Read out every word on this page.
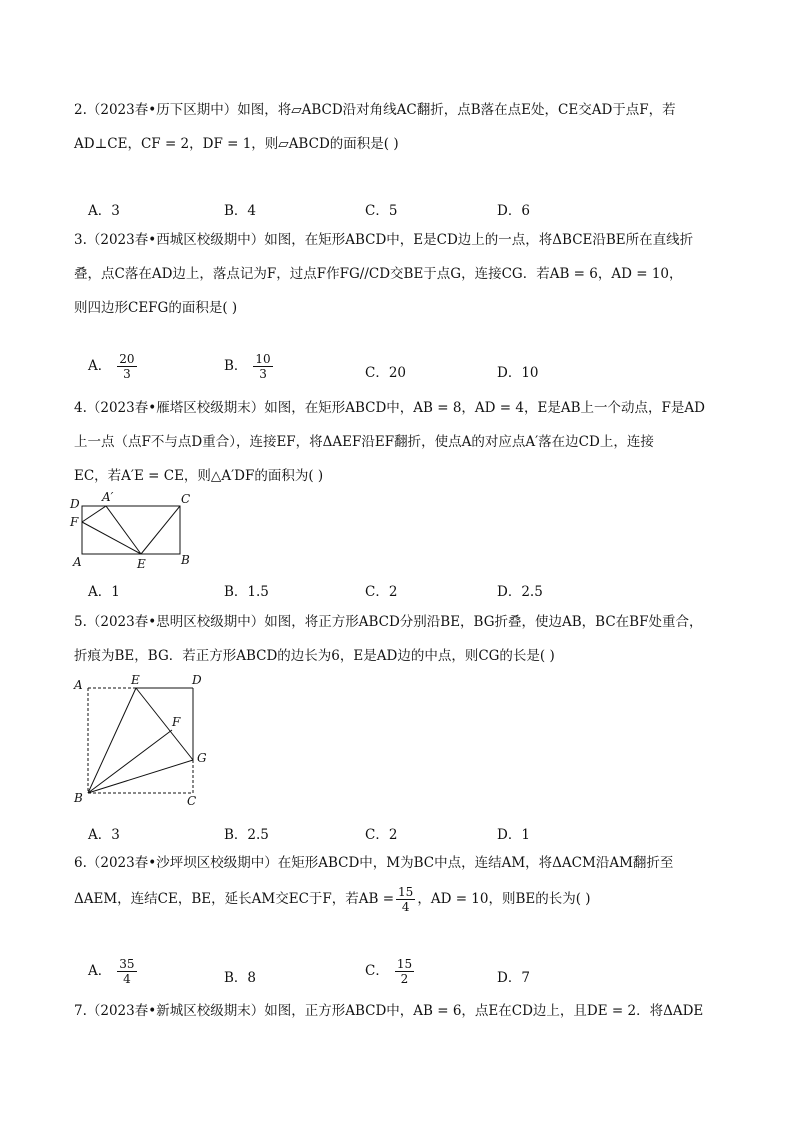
2.（2023春•历下区期中）如图，将▱ABCD沿对角线AC翻折，点B落在点E处，CE交AD于点F，若
AD⊥CE，CF = 2，DF = 1，则▱ABCD的面积是( )
A．3	B．4	C．5	D．6
3.（2023春•西城区校级期中）如图，在矩形ABCD中，E是CD边上的一点，将ΔBCE沿BE所在直线折
叠，点C落在AD边上，落点记为F，过点F作FG//CD交BE于点G，连接CG．若AB = 6，AD = 10，
则四边形CEFG的面积是( )
A． $\frac{20}{3}$	B． $\frac{10}{3}$	C．20	D．10
4.（2023春•雁塔区校级期末）如图，在矩形ABCD中，AB = 8，AD = 4，E是AB上一个动点，F是AD
上一点（点F不与点D重合），连接EF，将ΔAEF沿EF翻折，使点A的对应点A′落在边CD上，连接
EC，若A′E = CE，则△A′DF的面积为( )
D A′	C
F
A	E	B
A．1	B．1.5	C．2	D．2.5
5.（2023春•思明区校级期中）如图，将正方形ABCD分别沿BE，BG折叠，使边AB，BC在BF处重合，
折痕为BE，BG．若正方形ABCD的边长为6，E是AD边的中点，则CG的长是( )
A	E	D
F
G
B	C
A．3	B．2.5	C．2	D．1
6.（2023春•沙坪坝区校级期中）在矩形ABCD中，M为BC中点，连结AM，将ΔACM沿AM翻折至
ΔAEM，连结CE，BE，延长AM交EC于F，若AB = $\frac{15}{4}$ ，AD = 10，则BE的长为( )
A． $\frac{35}{4}$	B．8	C． $\frac{15}{2}$	D．7
7.（2023春•新城区校级期末）如图，正方形ABCD中，AB = 6，点E在CD边上，且DE = 2．将ΔADE
